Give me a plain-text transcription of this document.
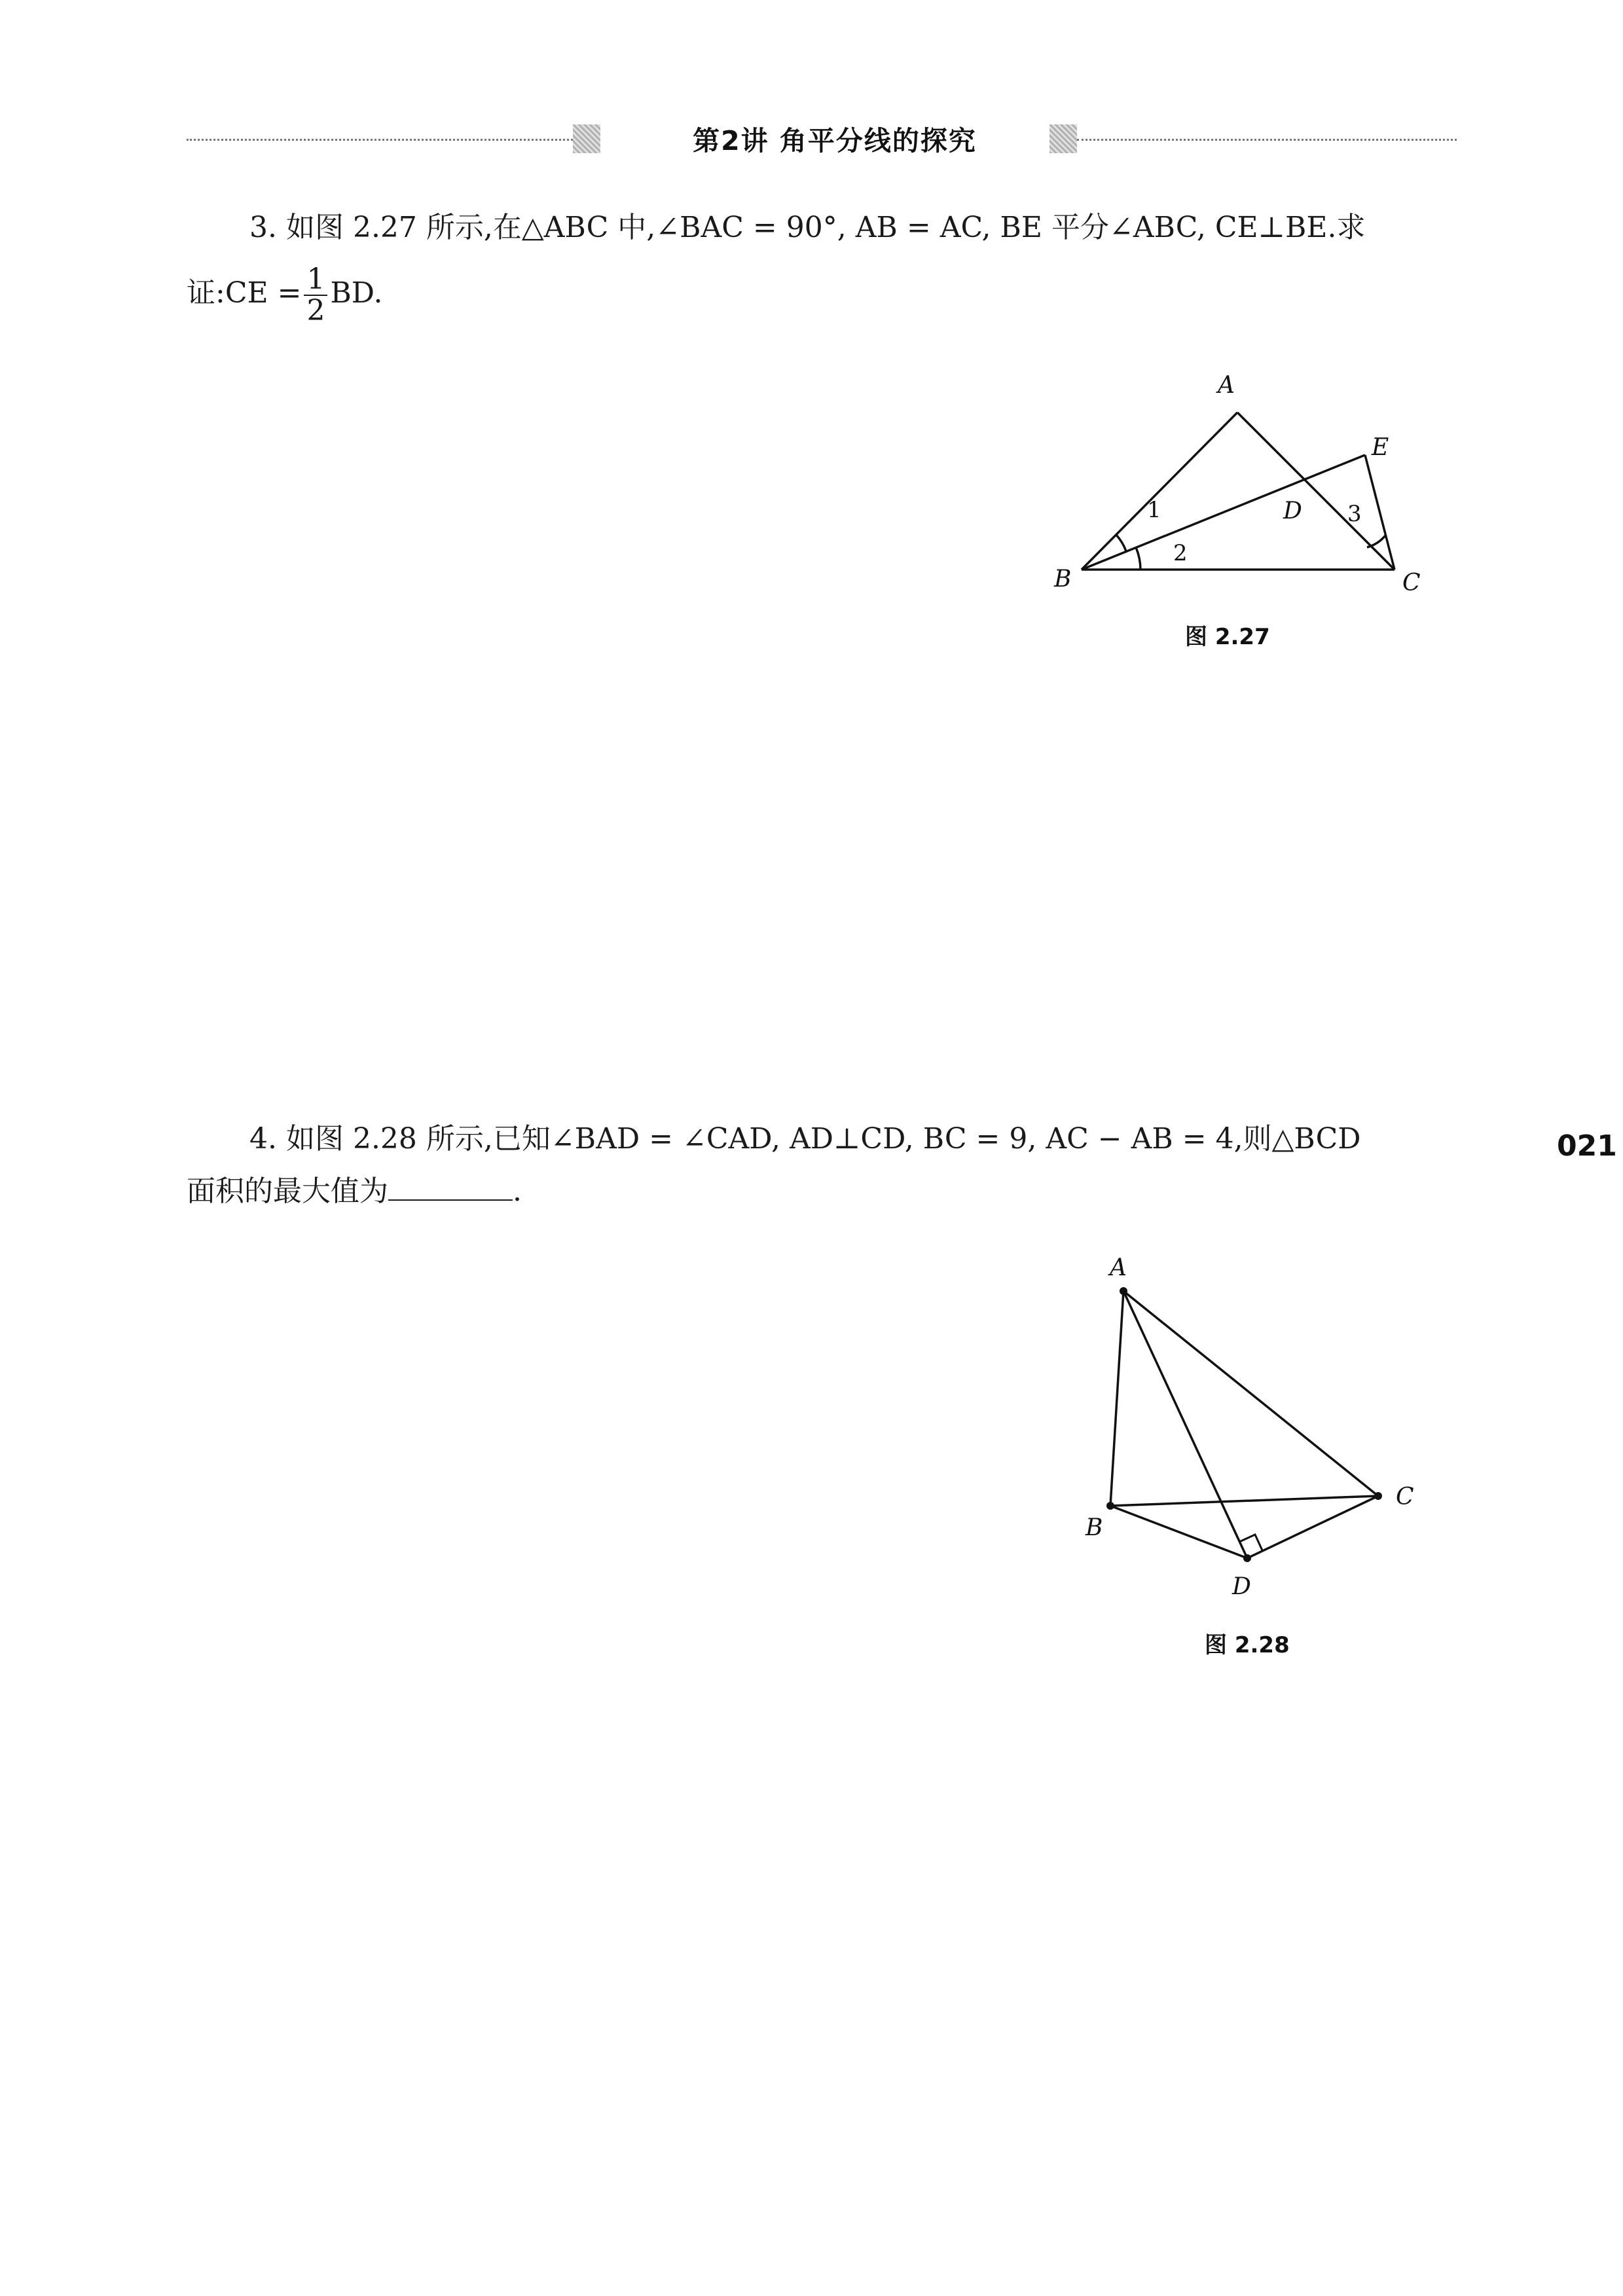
第2讲 角平分线的探究
3. 如图 2.27 所示,在△ABC 中,∠BAC = 90°, AB = AC, BE 平分∠ABC, CE⊥BE.求
证:CE = $\frac{1}{2}$ BD.
A
B	C
D
E
1
2
3
图 2.27
4. 如图 2.28 所示,已知∠BAD = ∠CAD, AD⊥CD, BC = 9, AC − AB = 4,则△BCD
面积的最大值为	.
A
B
C
D
图 2.28
021
